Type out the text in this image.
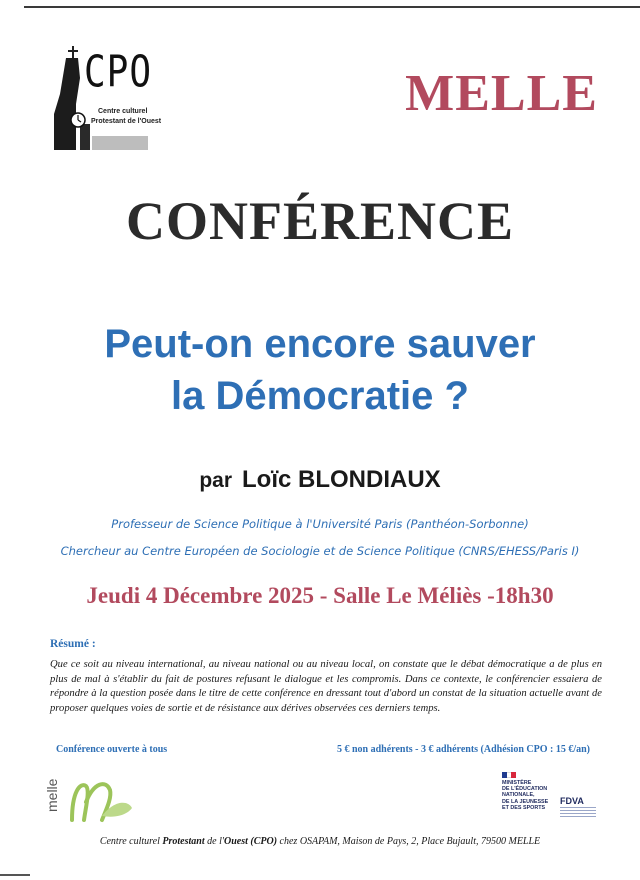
CPO
Centre culturel
Protestant de l'Ouest	MELLE
CONFÉRENCE
Peut-on encore sauver
la Démocratie ?
par Loïc BLONDIAUX
Professeur de Science Politique à l'Université Paris (Panthéon-Sorbonne)
Chercheur au Centre Européen de Sociologie et de Science Politique (CNRS/EHESS/Paris I)
Jeudi 4 Décembre 2025 - Salle Le Méliès -18h30
Résumé :
Que ce soit au niveau international, au niveau national ou au niveau local, on constate que le débat démocratique a de plus en plus de mal à s'établir du fait de postures refusant le dialogue et les compromis. Dans ce contexte, le conférencier essaiera de répondre à la question posée dans le titre de cette conférence en dressant tout d'abord un constat de la situation actuelle avant de proposer quelques voies de sortie et de résistance aux dérives observées ces derniers temps.
Conférence ouverte à tous	5 € non adhérents - 3 € adhérents (Adhésion CPO : 15 €/an)
melle	MINISTÈRE
DE L'ÉDUCATION
NATIONALE,
DE LA JEUNESSE
ET DES SPORTS
FDVA
Centre culturel Protestant de l'Ouest (CPO) chez OSAPAM, Maison de Pays, 2, Place Bujault, 79500 MELLE
